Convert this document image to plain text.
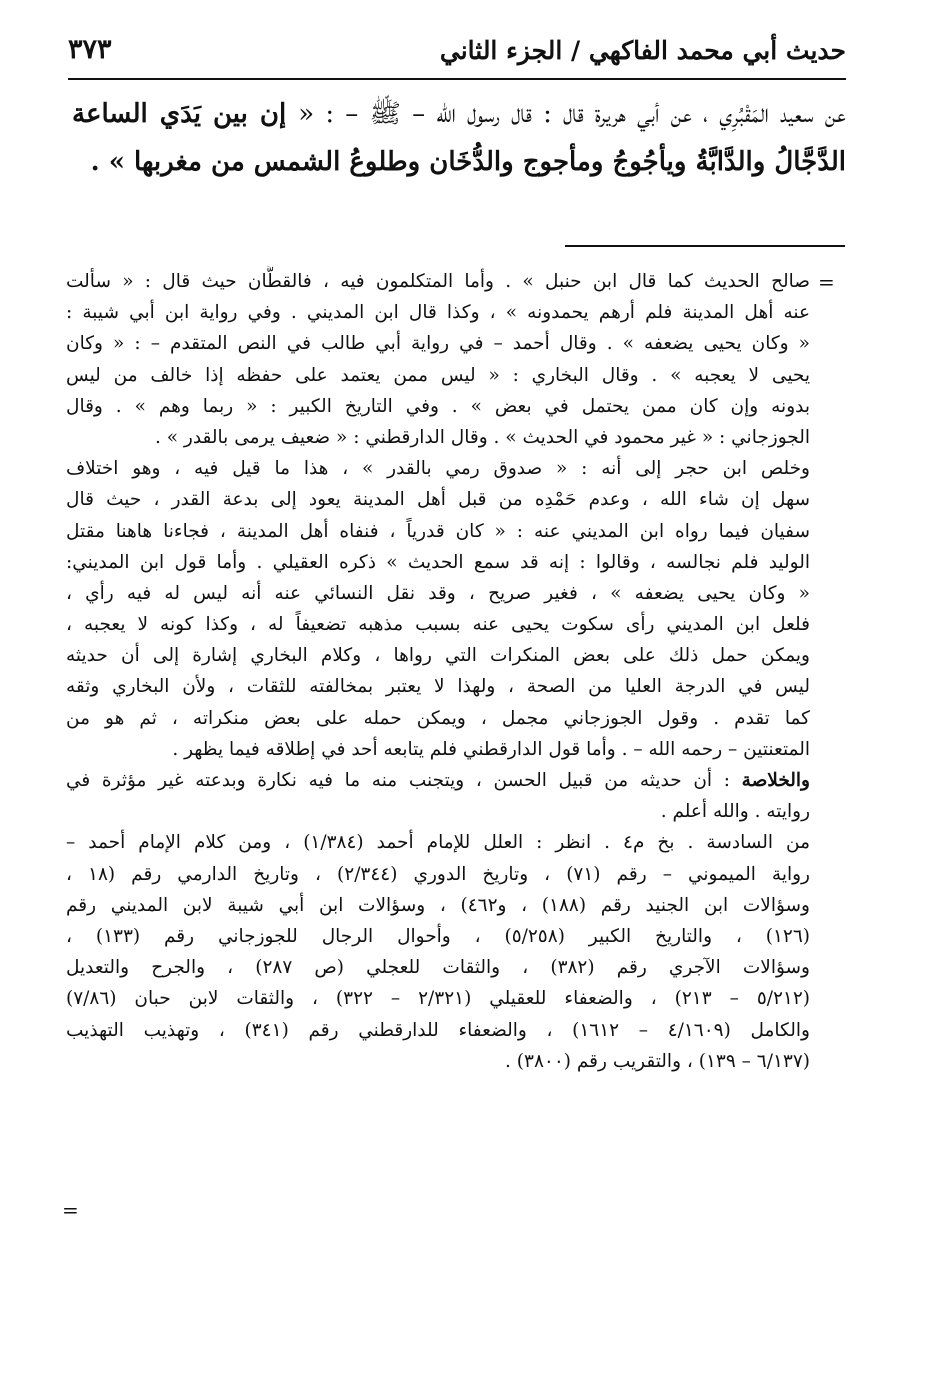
حديث أبي محمد الفاكهي / الجزء الثاني
٣٧٣

عن سعيد المَقْبُرِي ، عن أبي هريرة قال : قال رسول الله – ﷺ – : « إن بين يَدَي الساعة الدَّجَّالُ والدَّابَّةُ ويأجُوجُ ومأجوج والدُّخَان وطلوعُ الشمس من مغربها » .

=
صالح الحديث كما قال ابن حنبل » . وأما المتكلمون فيه ، فالقطَّان حيث قال : « سألت
عنه أهل المدينة فلم أرهم يحمدونه » ، وكذا قال ابن المديني . وفي رواية ابن أبي شيبة :
« وكان يحيى يضعفه » . وقال أحمد – في رواية أبي طالب في النص المتقدم – : « وكان
يحيى لا يعجبه » . وقال البخاري : « ليس ممن يعتمد على حفظه إذا خالف من ليس
بدونه وإن كان ممن يحتمل في بعض » . وفي التاريخ الكبير : « ربما وهم » . وقال
الجوزجاني : « غير محمود في الحديث » . وقال الدارقطني : « ضعيف يرمى بالقدر » .
وخلص ابن حجر إلى أنه : « صدوق رمي بالقدر » ، هذا ما قيل فيه ، وهو اختلاف
سهل إن شاء الله ، وعدم حَمْدِه من قبل أهل المدينة يعود إلى بدعة القدر ، حيث قال
سفيان فيما رواه ابن المديني عنه : « كان قدرياً ، فنفاه أهل المدينة ، فجاءنا هاهنا مقتل
الوليد فلم نجالسه ، وقالوا : إنه قد سمع الحديث » ذكره العقيلي . وأما قول ابن المديني:
« وكان يحيى يضعفه » ، فغير صريح ، وقد نقل النسائي عنه أنه ليس له فيه رأي ،
فلعل ابن المديني رأى سكوت يحيى عنه بسبب مذهبه تضعيفاً له ، وكذا كونه لا يعجبه ،
ويمكن حمل ذلك على بعض المنكرات التي رواها ، وكلام البخاري إشارة إلى أن حديثه
ليس في الدرجة العليا من الصحة ، ولهذا لا يعتبر بمخالفته للثقات ، ولأن البخاري وثقه
كما تقدم . وقول الجوزجاني مجمل ، ويمكن حمله على بعض منكراته ، ثم هو من
المتعنتين – رحمه الله – . وأما قول الدارقطني فلم يتابعه أحد في إطلاقه فيما يظهر .
والخلاصة : أن حديثه من قبيل الحسن ، ويتجنب منه ما فيه نكارة وبدعته غير مؤثرة في
روايته . والله أعلم .
من السادسة . بخ م٤ . انظر : العلل للإمام أحمد (١/٣٨٤) ، ومن كلام الإمام أحمد –
رواية الميموني – رقم (٧١) ، وتاريخ الدوري (٢/٣٤٤) ، وتاريخ الدارمي رقم (١٨ ،
وسؤالات ابن الجنيد رقم (١٨٨) ، و٤٦٢) ، وسؤالات ابن أبي شيبة لابن المديني رقم
(١٢٦) ، والتاريخ الكبير (٥/٢٥٨) ، وأحوال الرجال للجوزجاني رقم (١٣٣) ،
وسؤالات الآجري رقم (٣٨٢) ، والثقات للعجلي (ص ٢٨٧) ، والجرح والتعديل
(٥/٢١٢ – ٢١٣) ، والضعفاء للعقيلي (٢/٣٢١ – ٣٢٢) ، والثقات لابن حبان (٧/٨٦)
والكامل (٤/١٦٠٩ – ١٦١٢) ، والضعفاء للدارقطني رقم (٣٤١) ، وتهذيب التهذيب
(٦/١٣٧ – ١٣٩) ، والتقريب رقم (٣٨٠٠) .
=
